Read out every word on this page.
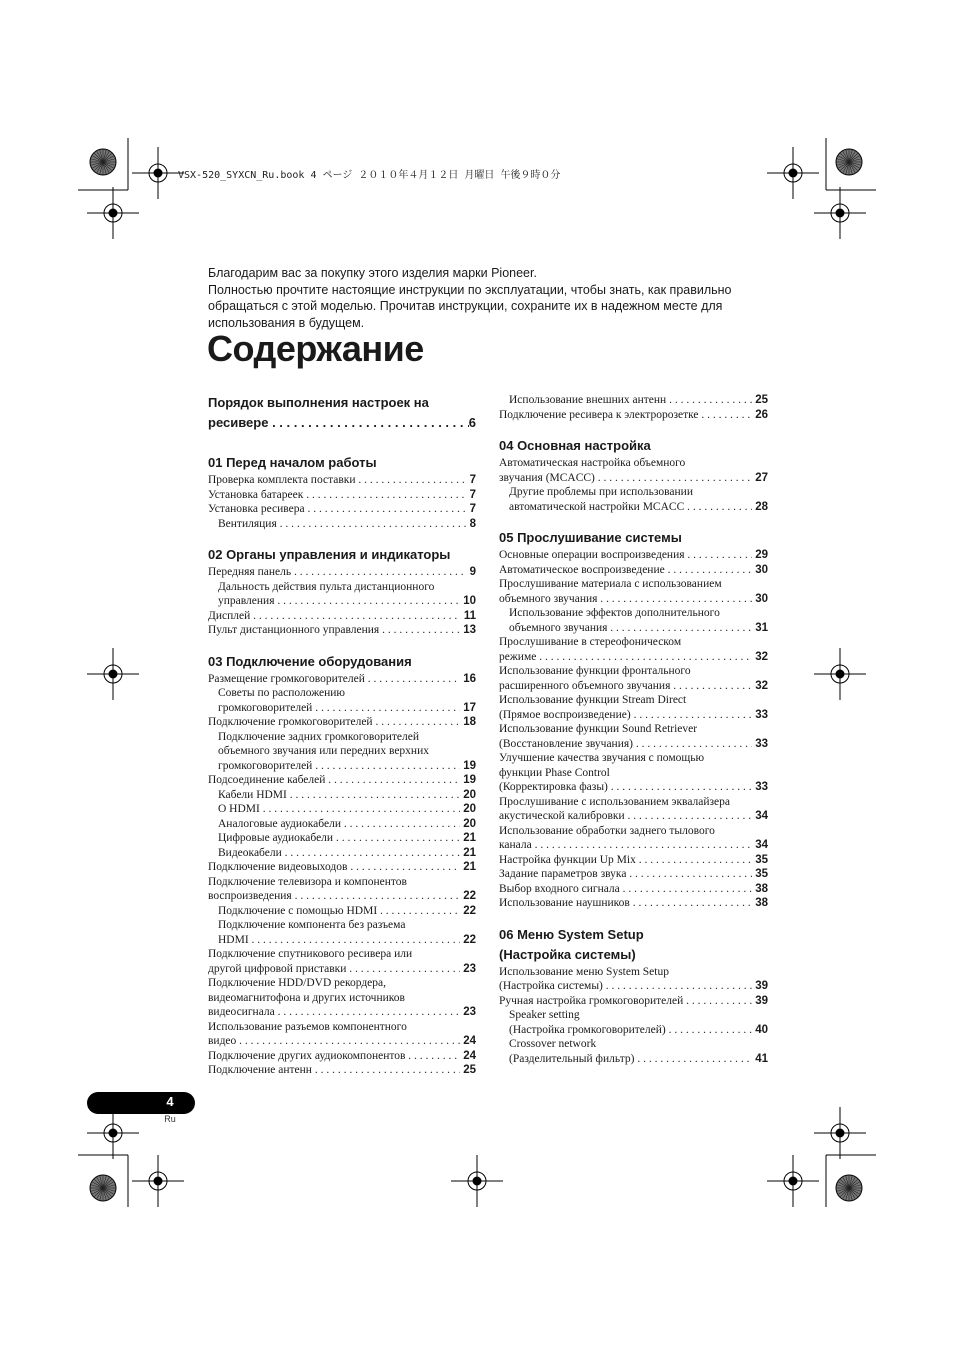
VSX-520_SYXCN_Ru.book 4 ページ ２０１０年４月１２日 月曜日 午後９時０分

Благодарим вас за покупку этого изделия марки Pioneer.

Полностью прочтите настоящие инструкции по эксплуатации, чтобы знать, как правильно обращаться с этой моделью. Прочитав инструкции, сохраните их в надежном месте для использования в будущем.

Содержание
Порядок выполнения настроек на
ресивере . . .	6
01 Перед началом работы
Проверка комплекта поставки . . .	7
Установка батареек . . .	7
Установка ресивера . . .	7
Вентиляция . . .	8
02 Органы управления и индикаторы
Передняя панель . . .	9
Дальность действия пульта дистанционного
управления . . .	10
Дисплей . . .	11
Пульт дистанционного управления . . .	13
03 Подключение оборудования
Размещение громкоговорителей . . .	16
Советы по расположению
громкоговорителей . . .	17
Подключение громкоговорителей . . .	18
Подключение задних громкоговорителей
объемного звучания или передних верхних
громкоговорителей . . .	19
Подсоединение кабелей . . .	19
Кабели HDMI . . .	20
О HDMI . . .	20
Аналоговые аудиокабели . . .	20
Цифровые аудиокабели . . .	21
Видеокабели . . .	21
Подключение видеовыходов . . .	21
Подключение телевизора и компонентов
воспроизведения . . .	22
Подключение с помощью HDMI . . .	22
Подключение компонента без разъема
HDMI . . .	22
Подключение спутникового ресивера или
другой цифровой приставки . . .	23
Подключение HDD/DVD рекордера,
видеомагнитофона и других источников
видеосигнала . . .	23
Использование разъемов компонентного
видео . . .	24
Подключение других аудиокомпонентов . . .	24
Подключение антенн . . .	25
Использование внешних антенн . . .	25
Подключение ресивера к электророзетке . . .	26
04 Основная настройка
Автоматическая настройка объемного
звучания (MCACC) . . .	27
Другие проблемы при использовании
автоматической настройки MCACC . . .	28
05 Прослушивание системы
Основные операции воспроизведения . . .	29
Автоматическое воспроизведение . . .	30
Прослушивание материала с использованием
объемного звучания . . .	30
Использование эффектов дополнительного
объемного звучания . . .	31
Прослушивание в стереофоническом
режиме . . .	32
Использование функции фронтального
расширенного объемного звучания . . .	32
Использование функции Stream Direct
(Прямое воспроизведение) . . .	33
Использование функции Sound Retriever
(Восстановление звучания) . . .	33
Улучшение качества звучания с помощью
функции Phase Control
(Корректировка фазы) . . .	33
Прослушивание с использованием эквалайзера
акустической калибровки . . .	34
Использование обработки заднего тылового
канала . . .	34
Настройка функции Up Mix . . .	35
Задание параметров звука . . .	35
Выбор входного сигнала . . .	38
Использование наушников . . .	38
06 Меню System Setup
(Настройка системы)
Использование меню System Setup
(Настройка системы) . . .	39
Ручная настройка громкоговорителей . . .	39
Speaker setting
(Настройка громкоговорителей) . . .	40
Crossover network
(Разделительный фильтр) . . .	41
4
Ru
